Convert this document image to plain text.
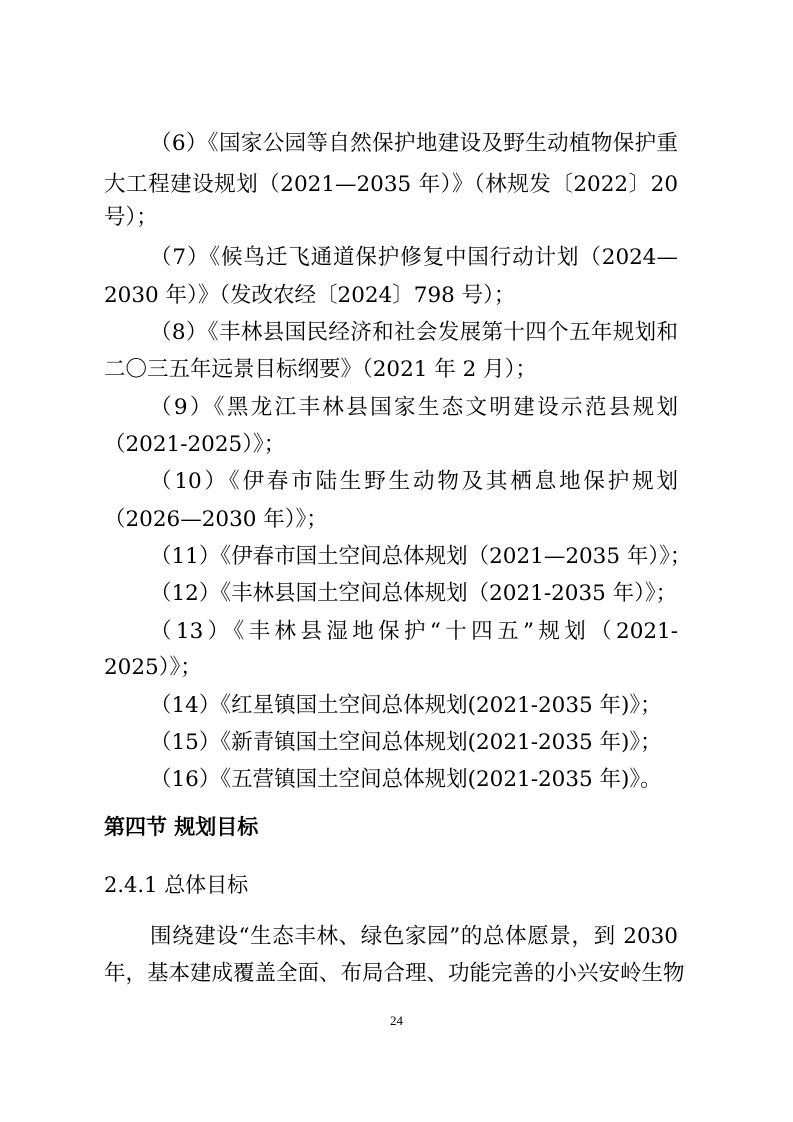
（6）《国家公园等自然保护地建设及野生动植物保护重
大工程建设规划（2021—2035 年）》（林规发〔2022〕20
号）；
（7）《候鸟迁飞通道保护修复中国行动计划（2024—
2030 年）》（发改农经〔2024〕798 号）；
（8）《丰林县国民经济和社会发展第十四个五年规划和
二〇三五年远景目标纲要》（2021 年 2 月）；
（9）《黑龙江丰林县国家生态文明建设示范县规划
（2021-2025）》；
（10）《伊春市陆生野生动物及其栖息地保护规划
（2026—2030 年）》；
（11）《伊春市国土空间总体规划（2021—2035 年）》；
（12）《丰林县国土空间总体规划（2021-2035 年）》；
（13）《丰林县湿地保护“十四五”规划（2021-
2025）》；
（14）《红星镇国土空间总体规划(2021-2035 年)》；
（15）《新青镇国土空间总体规划(2021-2035 年)》；
（16）《五营镇国土空间总体规划(2021-2035 年)》。
第四节 规划目标
2.4.1 总体目标
围绕建设“生态丰林、绿色家园”的总体愿景，到 2030
年，基本建成覆盖全面、布局合理、功能完善的小兴安岭生物
24
